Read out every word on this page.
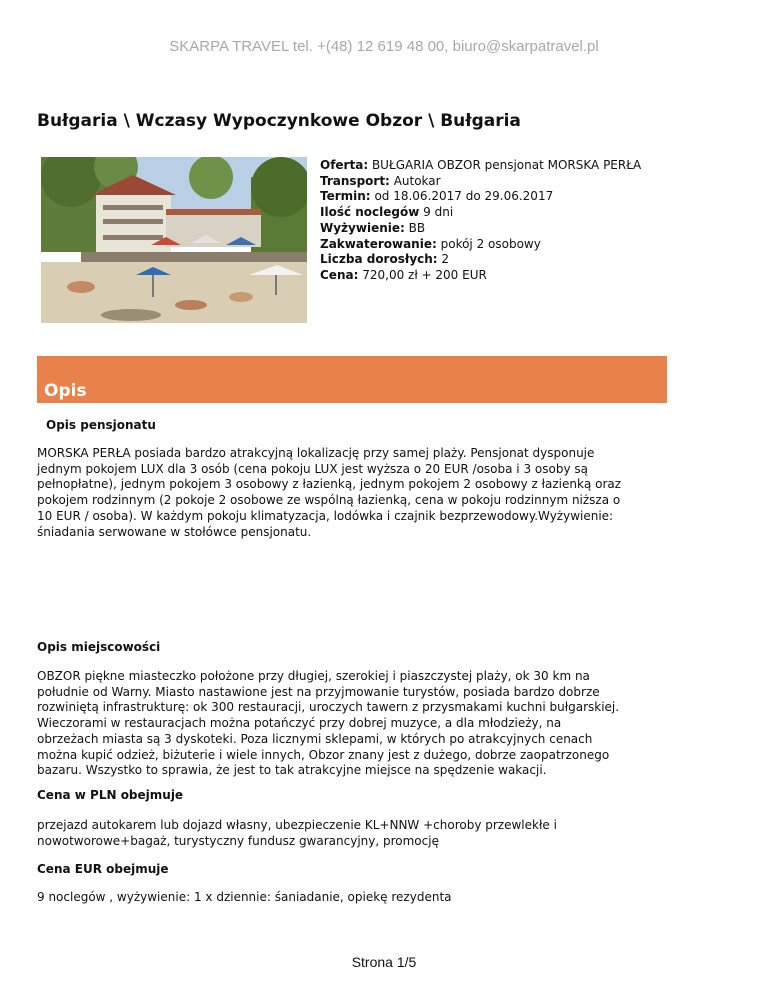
SKARPA TRAVEL tel. +(48) 12 619 48 00, biuro@skarpatravel.pl
Bułgaria \ Wczasy Wypoczynkowe Obzor \ Bułgaria
Oferta: BUŁGARIA OBZOR pensjonat MORSKA PERŁA
Transport: Autokar
Termin: od 18.06.2017 do 29.06.2017
Ilość noclegów 9 dni
Wyżywienie: BB
Zakwaterowanie: pokój 2 osobowy
Liczba dorosłych: 2
Cena: 720,00 zł + 200 EUR
Opis
Opis pensjonatu
MORSKA PERŁA posiada bardzo atrakcyjną lokalizację przy samej plaży. Pensjonat dysponuje
jednym pokojem LUX dla 3 osób (cena pokoju LUX jest wyższa o 20 EUR /osoba i 3 osoby są
pełnopłatne), jednym pokojem 3 osobowy z łazienką, jednym pokojem 2 osobowy z łazienką oraz
pokojem rodzinnym (2 pokoje 2 osobowe ze wspólną łazienką, cena w pokoju rodzinnym niższa o
10 EUR / osoba). W każdym pokoju klimatyzacja, lodówka i czajnik bezprzewodowy.Wyżywienie:
śniadania serwowane w stołówce pensjonatu.
Opis miejscowości
OBZOR piękne miasteczko położone przy długiej, szerokiej i piaszczystej plaży, ok 30 km na
południe od Warny. Miasto nastawione jest na przyjmowanie turystów, posiada bardzo dobrze
rozwiniętą infrastrukturę: ok 300 restauracji, uroczych tawern z przysmakami kuchni bułgarskiej.
Wieczorami w restauracjach można potańczyć przy dobrej muzyce, a dla młodzieży, na
obrzeżach miasta są 3 dyskoteki. Poza licznymi sklepami, w których po atrakcyjnych cenach
można kupić odzież, biżuterie i wiele innych, Obzor znany jest z dużego, dobrze zaopatrzonego
bazaru. Wszystko to sprawia, że jest to tak atrakcyjne miejsce na spędzenie wakacji.
Cena w PLN obejmuje
przejazd autokarem lub dojazd własny, ubezpieczenie KL+NNW +choroby przewlekłe i
nowotworowe+bagaż, turystyczny fundusz gwarancyjny, promocję
Cena EUR obejmuje
9 noclegów , wyżywienie: 1 x dziennie: śaniadanie, opiekę rezydenta
Strona 1/5
